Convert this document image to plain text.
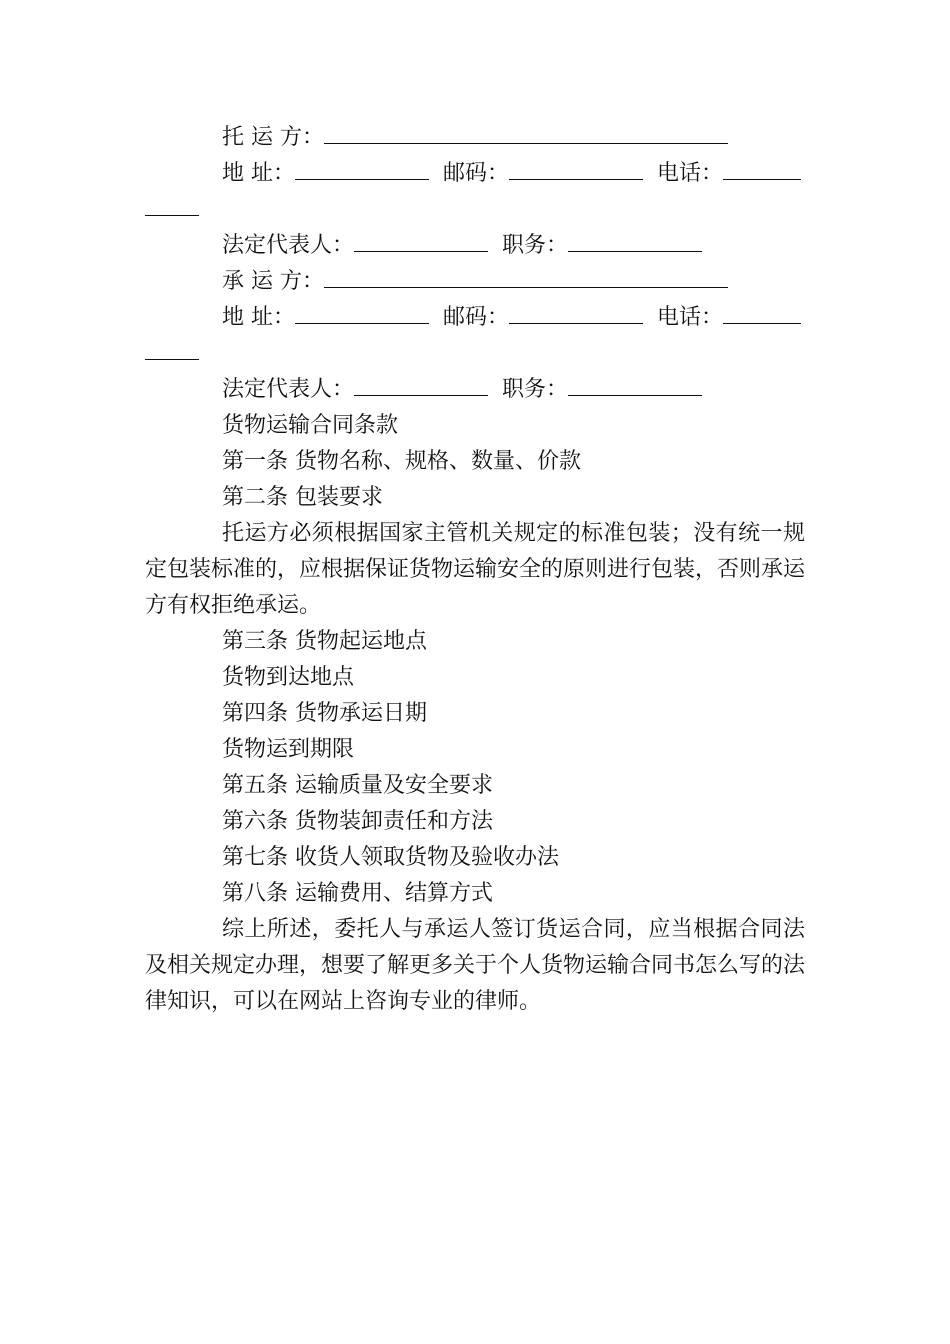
托 运 方：
地 址：	邮码：	电话：
法定代表人：	职务：
承 运 方：
地 址：	邮码：	电话：
法定代表人：	职务：
货物运输合同条款
第一条 货物名称、规格、数量、价款
第二条 包装要求
托运方必须根据国家主管机关规定的标准包装；没有统一规定包装标准的，应根据保证货物运输安全的原则进行包装，否则承运方有权拒绝承运。
第三条 货物起运地点
货物到达地点
第四条 货物承运日期
货物运到期限
第五条 运输质量及安全要求
第六条 货物装卸责任和方法
第七条 收货人领取货物及验收办法
第八条 运输费用、结算方式
综上所述，委托人与承运人签订货运合同，应当根据合同法及相关规定办理，想要了解更多关于个人货物运输合同书怎么写的法律知识，可以在网站上咨询专业的律师。
